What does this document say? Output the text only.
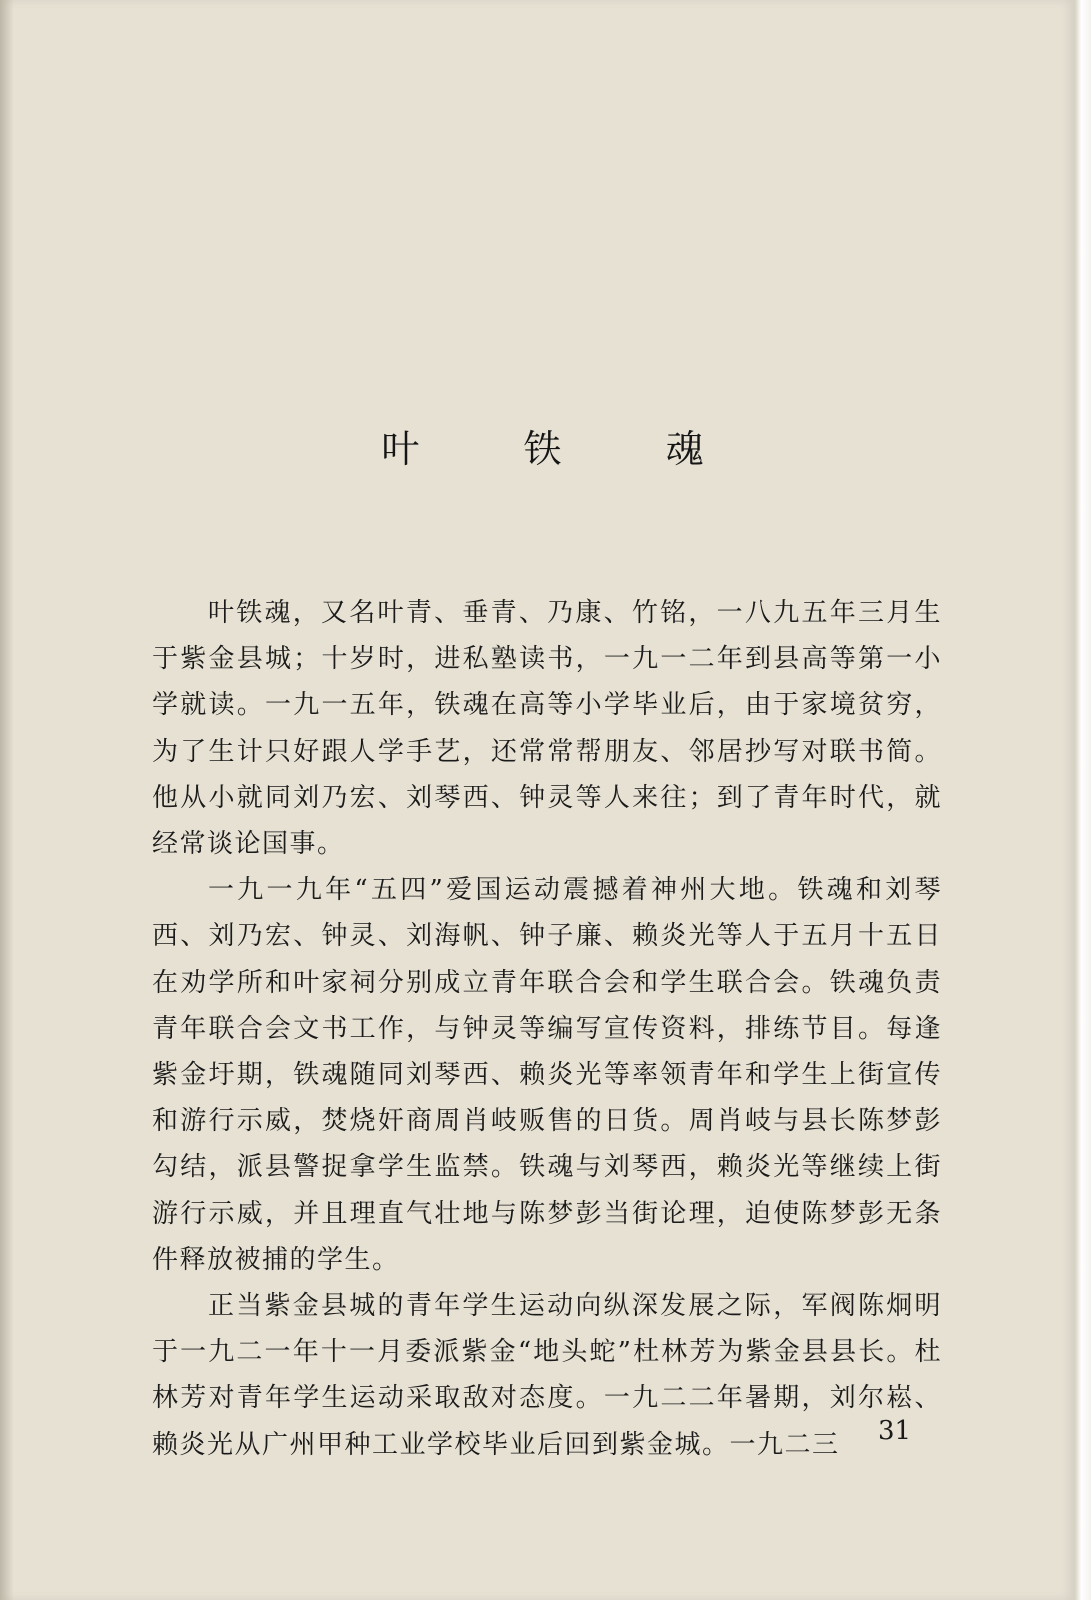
叶 铁 魂

叶铁魂，又名叶青、垂青、乃康、竹铭，一八九五年三月生于紫金县城；十岁时，进私塾读书，一九一二年到县高等第一小学就读。一九一五年，铁魂在高等小学毕业后，由于家境贫穷，为了生计只好跟人学手艺，还常常帮朋友、邻居抄写对联书简。他从小就同刘乃宏、刘琴西、钟灵等人来往；到了青年时代，就经常谈论国事。

一九一九年“五四”爱国运动震撼着神州大地。铁魂和刘琴西、刘乃宏、钟灵、刘海帆、钟子廉、赖炎光等人于五月十五日在劝学所和叶家祠分别成立青年联合会和学生联合会。铁魂负责青年联合会文书工作，与钟灵等编写宣传资料，排练节目。每逢紫金圩期，铁魂随同刘琴西、赖炎光等率领青年和学生上街宣传和游行示威，焚烧奸商周肖岐贩售的日货。周肖岐与县长陈梦彭勾结，派县警捉拿学生监禁。铁魂与刘琴西，赖炎光等继续上街游行示威，并且理直气壮地与陈梦彭当街论理，迫使陈梦彭无条件释放被捕的学生。

正当紫金县城的青年学生运动向纵深发展之际，军阀陈炯明于一九二一年十一月委派紫金“地头蛇”杜林芳为紫金县县长。杜林芳对青年学生运动采取敌对态度。一九二二年暑期，刘尔崧、赖炎光从广州甲种工业学校毕业后回到紫金城。一九二三	31
